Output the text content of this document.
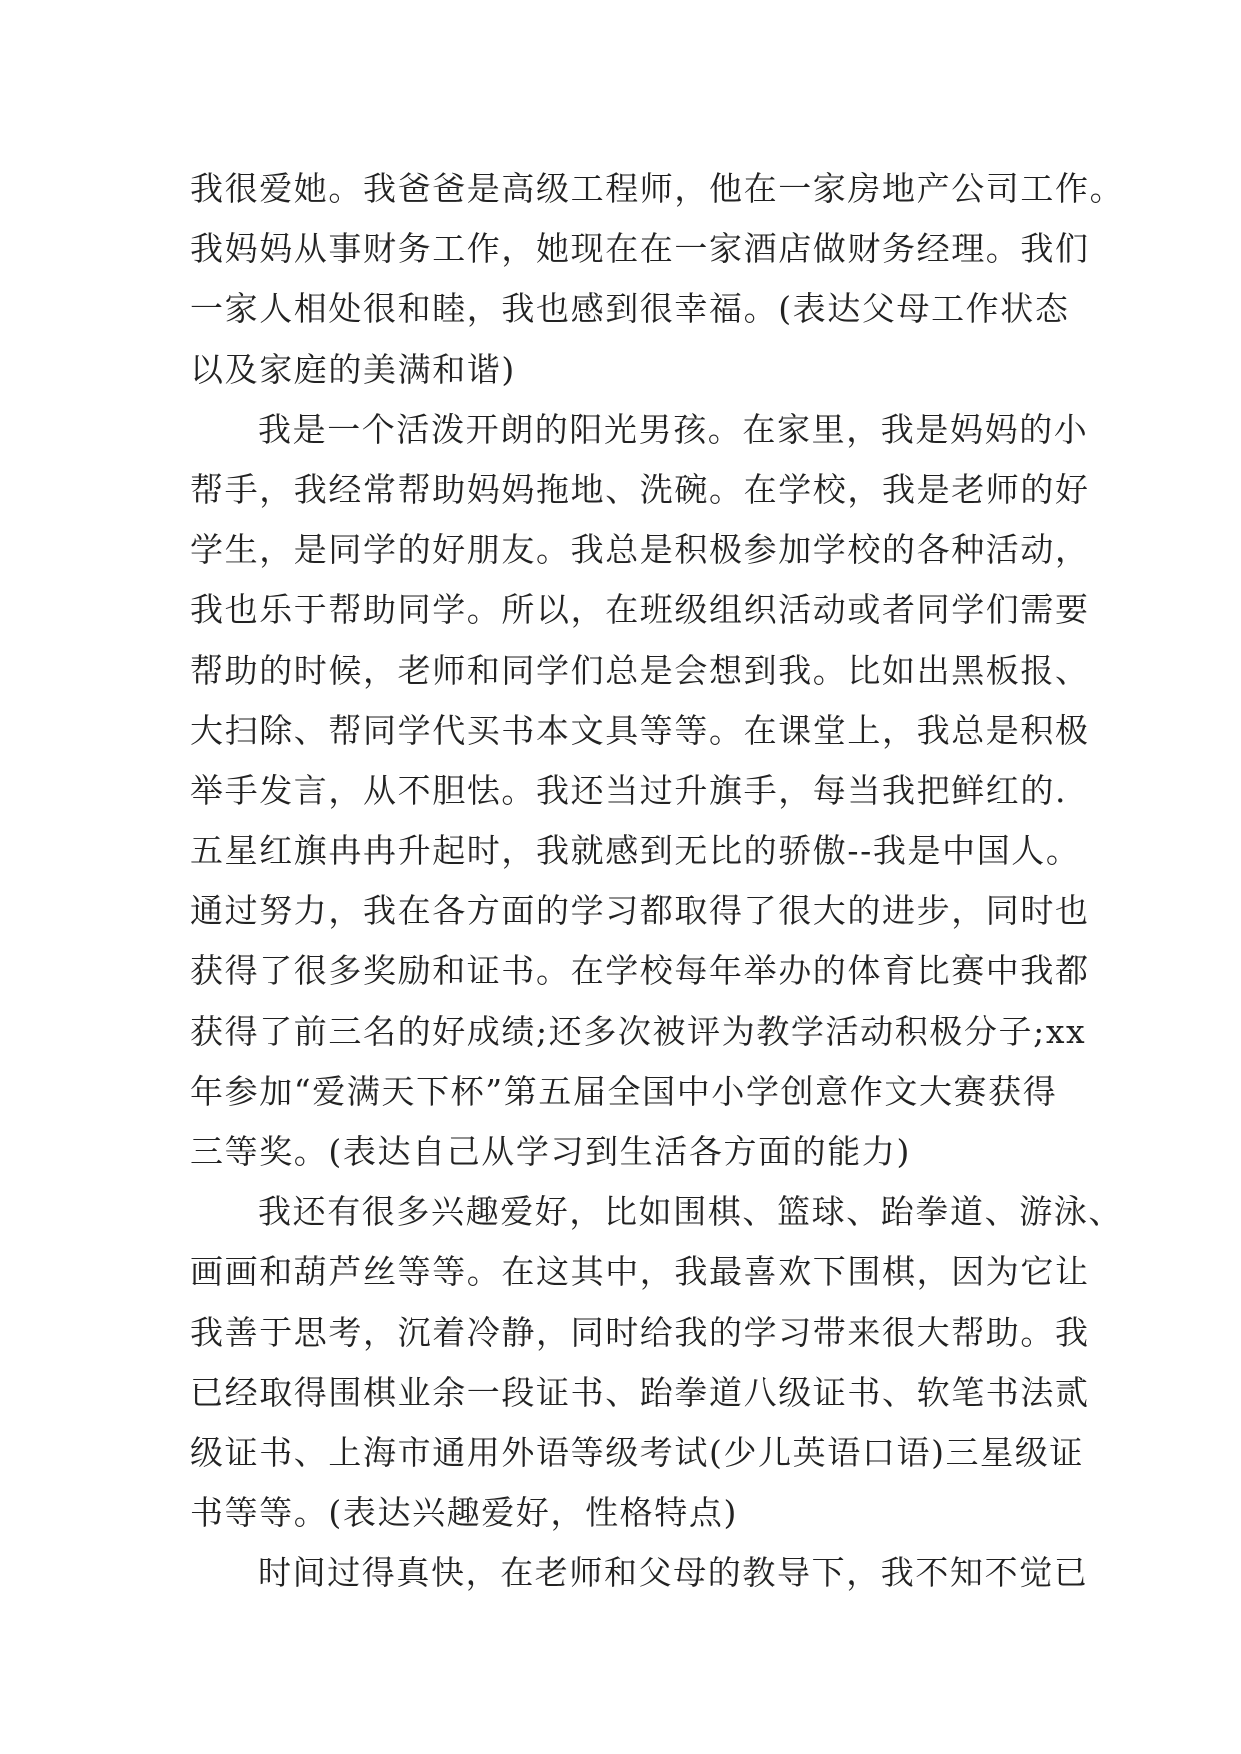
我很爱她。我爸爸是高级工程师，他在一家房地产公司工作。
我妈妈从事财务工作，她现在在一家酒店做财务经理。我们
一家人相处很和睦，我也感到很幸福。(表达父母工作状态
以及家庭的美满和谐)
我是一个活泼开朗的阳光男孩。在家里，我是妈妈的小
帮手，我经常帮助妈妈拖地、洗碗。在学校，我是老师的好
学生，是同学的好朋友。我总是积极参加学校的各种活动，
我也乐于帮助同学。所以，在班级组织活动或者同学们需要
帮助的时候，老师和同学们总是会想到我。比如出黑板报、
大扫除、帮同学代买书本文具等等。在课堂上，我总是积极
举手发言，从不胆怯。我还当过升旗手，每当我把鲜红的.
五星红旗冉冉升起时，我就感到无比的骄傲--我是中国人。
通过努力，我在各方面的学习都取得了很大的进步，同时也
获得了很多奖励和证书。在学校每年举办的体育比赛中我都
获得了前三名的好成绩;还多次被评为教学活动积极分子;xx
年参加“爱满天下杯”第五届全国中小学创意作文大赛获得
三等奖。(表达自己从学习到生活各方面的能力)
我还有很多兴趣爱好，比如围棋、篮球、跆拳道、游泳、
画画和葫芦丝等等。在这其中，我最喜欢下围棋，因为它让
我善于思考，沉着冷静，同时给我的学习带来很大帮助。我
已经取得围棋业余一段证书、跆拳道八级证书、软笔书法贰
级证书、上海市通用外语等级考试(少儿英语口语)三星级证
书等等。(表达兴趣爱好，性格特点)
时间过得真快，在老师和父母的教导下，我不知不觉已
